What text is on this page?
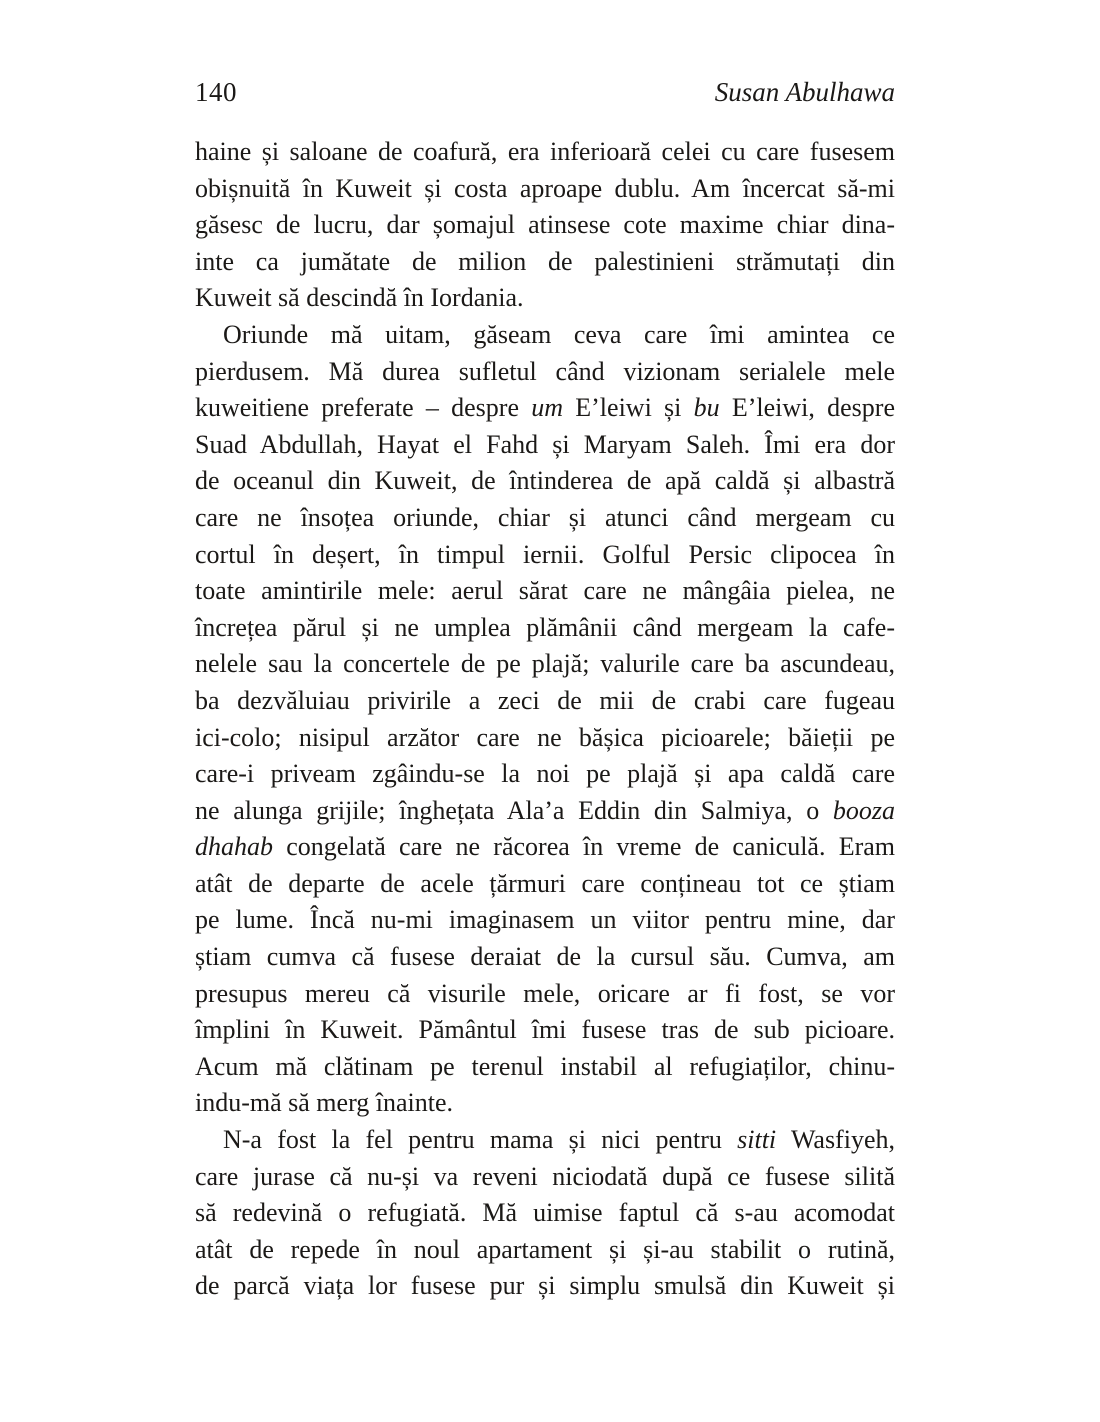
140	Susan Abulhawa
haine și saloane de coafură, era inferioară celei cu care fusesem
obișnuită în Kuweit și costa aproape dublu. Am încercat să-mi
găsesc de lucru, dar șomajul atinsese cote maxime chiar dina-
inte ca jumătate de milion de palestinieni strămutați din
Kuweit să descindă în Iordania.
Oriunde mă uitam, găseam ceva care îmi amintea ce
pierdusem. Mă durea sufletul când vizionam serialele mele
kuweitiene preferate – despre um E’leiwi și bu E’leiwi, despre
Suad Abdullah, Hayat el Fahd și Maryam Saleh. Îmi era dor
de oceanul din Kuweit, de întinderea de apă caldă și albastră
care ne însoțea oriunde, chiar și atunci când mergeam cu
cortul în deșert, în timpul iernii. Golful Persic clipocea în
toate amintirile mele: aerul sărat care ne mângâia pielea, ne
încrețea părul și ne umplea plămânii când mergeam la cafe-
nelele sau la concertele de pe plajă; valurile care ba ascundeau,
ba dezvăluiau privirile a zeci de mii de crabi care fugeau
ici-colo; nisipul arzător care ne bășica picioarele; băieții pe
care-i priveam zgâindu-se la noi pe plajă și apa caldă care
ne alunga grijile; înghețata Ala’a Eddin din Salmiya, o booza
dhahab congelată care ne răcorea în vreme de caniculă. Eram
atât de departe de acele țărmuri care conțineau tot ce știam
pe lume. Încă nu-mi imaginasem un viitor pentru mine, dar
știam cumva că fusese deraiat de la cursul său. Cumva, am
presupus mereu că visurile mele, oricare ar fi fost, se vor
împlini în Kuweit. Pământul îmi fusese tras de sub picioare.
Acum mă clătinam pe terenul instabil al refugiaților, chinu-
indu-mă să merg înainte.
N-a fost la fel pentru mama și nici pentru sitti Wasfiyeh,
care jurase că nu-și va reveni niciodată după ce fusese silită
să redevină o refugiată. Mă uimise faptul că s-au acomodat
atât de repede în noul apartament și și-au stabilit o rutină,
de parcă viața lor fusese pur și simplu smulsă din Kuweit și
